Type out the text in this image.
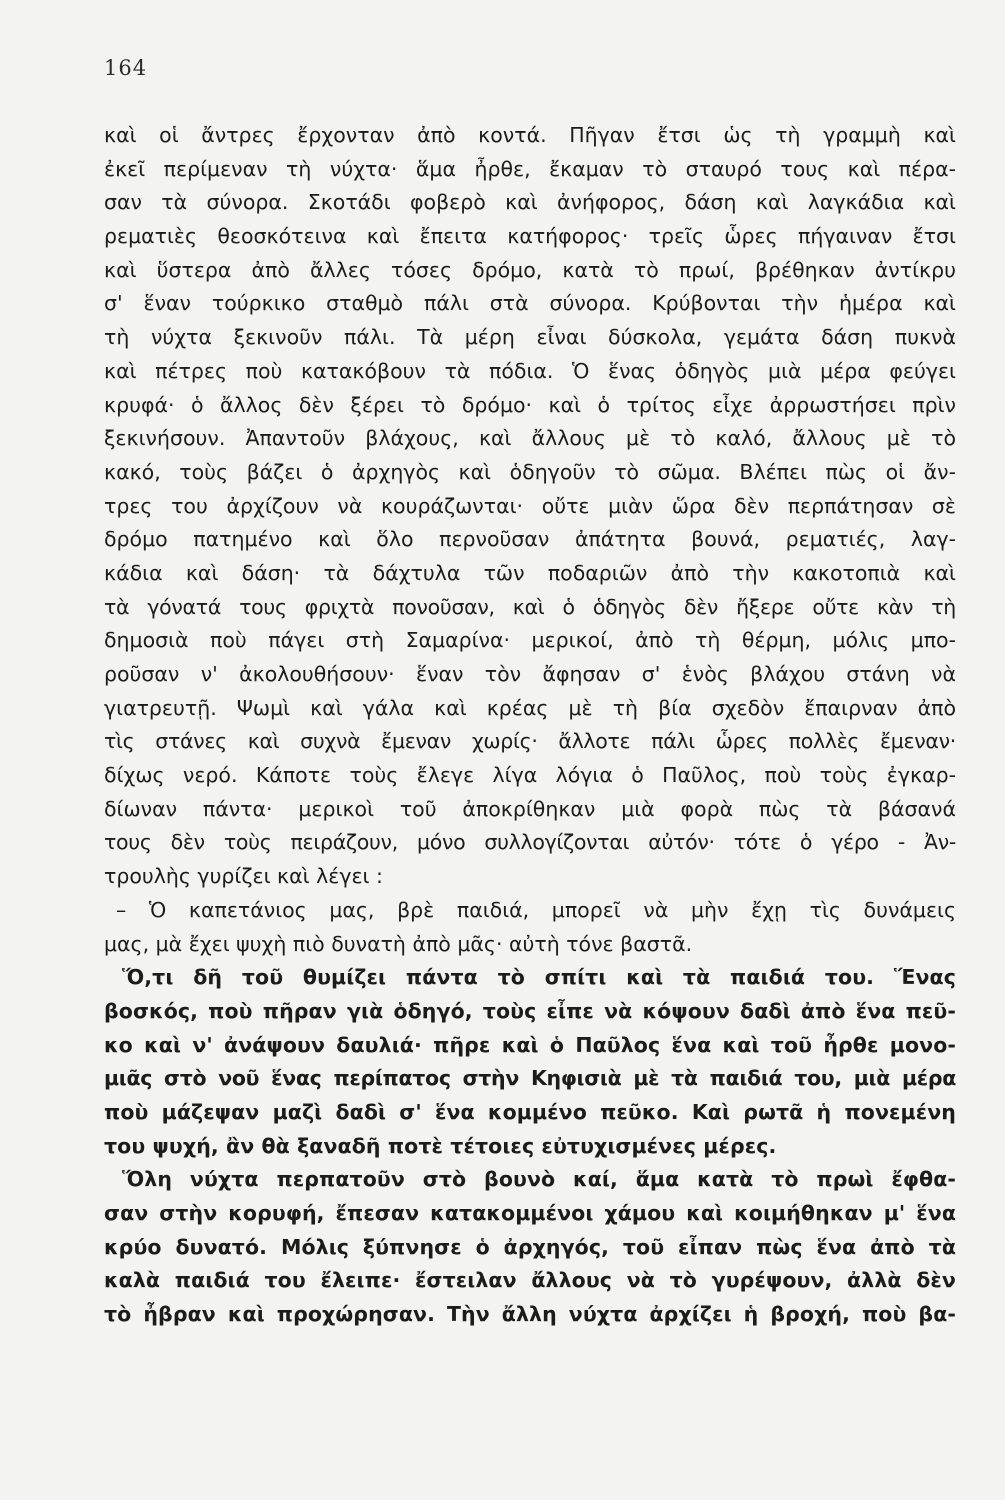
164
καὶ οἱ ἄντρες ἔρχονταν ἀπὸ κοντά. Πῆγαν ἔτσι ὡς τὴ γραμμὴ καὶ
ἐκεῖ περίμεναν τὴ νύχτα· ἅμα ἦρθε, ἔκαμαν τὸ σταυρό τους καὶ πέρα-
σαν τὰ σύνορα. Σκοτάδι φοβερὸ καὶ ἀνήφορος, δάση καὶ λαγκάδια καὶ
ρεματιὲς θεοσκότεινα καὶ ἔπειτα κατήφορος· τρεῖς ὧρες πήγαιναν ἔτσι
καὶ ὕστερα ἀπὸ ἄλλες τόσες δρόμο, κατὰ τὸ πρωί, βρέθηκαν ἀντίκρυ
σ' ἕναν τούρκικο σταθμὸ πάλι στὰ σύνορα. Κρύβονται τὴν ἡμέρα καὶ
τὴ νύχτα ξεκινοῦν πάλι. Τὰ μέρη εἶναι δύσκολα, γεμάτα δάση πυκνὰ
καὶ πέτρες ποὺ κατακόβουν τὰ πόδια. Ὁ ἕνας ὁδηγὸς μιὰ μέρα φεύγει
κρυφά· ὁ ἄλλος δὲν ξέρει τὸ δρόμο· καὶ ὁ τρίτος εἶχε ἀρρωστήσει πρὶν
ξεκινήσουν. Ἀπαντοῦν βλάχους, καὶ ἄλλους μὲ τὸ καλό, ἄλλους μὲ τὸ
κακό, τοὺς βάζει ὁ ἀρχηγὸς καὶ ὁδηγοῦν τὸ σῶμα. Βλέπει πὼς οἱ ἄν-
τρες του ἀρχίζουν νὰ κουράζωνται· οὔτε μιὰν ὥρα δὲν περπάτησαν σὲ
δρόμο πατημένο καὶ ὅλο περνοῦσαν ἀπάτητα βουνά, ρεματιές, λαγ-
κάδια καὶ δάση· τὰ δάχτυλα τῶν ποδαριῶν ἀπὸ τὴν κακοτοπιὰ καὶ
τὰ γόνατά τους φριχτὰ πονοῦσαν, καὶ ὁ ὁδηγὸς δὲν ἤξερε οὔτε κὰν τὴ
δημοσιὰ ποὺ πάγει στὴ Σαμαρίνα· μερικοί, ἀπὸ τὴ θέρμη, μόλις μπο-
ροῦσαν ν' ἀκολουθήσουν· ἕναν τὸν ἄφησαν σ' ἑνὸς βλάχου στάνη νὰ
γιατρευτῇ. Ψωμὶ καὶ γάλα καὶ κρέας μὲ τὴ βία σχεδὸν ἔπαιρναν ἀπὸ
τὶς στάνες καὶ συχνὰ ἔμεναν χωρίς· ἄλλοτε πάλι ὧρες πολλὲς ἔμεναν·
δίχως νερό. Κάποτε τοὺς ἔλεγε λίγα λόγια ὁ Παῦλος, ποὺ τοὺς ἐγκαρ-
δίωναν πάντα· μερικοὶ τοῦ ἀποκρίθηκαν μιὰ φορὰ πὼς τὰ βάσανά
τους δὲν τοὺς πειράζουν, μόνο συλλογίζονται αὐτόν· τότε ὁ γέρο - Ἀν-
τρουλὴς γυρίζει καὶ λέγει :
– Ὁ καπετάνιος μας, βρὲ παιδιά, μπορεῖ νὰ μὴν ἔχῃ τὶς δυνάμεις
μας, μὰ ἔχει ψυχὴ πιὸ δυνατὴ ἀπὸ μᾶς· αὐτὴ τόνε βαστᾶ.
Ὅ,τι δῆ τοῦ θυμίζει πάντα τὸ σπίτι καὶ τὰ παιδιά του. Ἕνας
βοσκός, ποὺ πῆραν γιὰ ὁδηγό, τοὺς εἶπε νὰ κόψουν δαδὶ ἀπὸ ἕνα πεῦ-
κο καὶ ν' ἀνάψουν δαυλιά· πῆρε καὶ ὁ Παῦλος ἕνα καὶ τοῦ ἦρθε μονο-
μιᾶς στὸ νοῦ ἕνας περίπατος στὴν Κηφισιὰ μὲ τὰ παιδιά του, μιὰ μέρα
ποὺ μάζεψαν μαζὶ δαδὶ σ' ἕνα κομμένο πεῦκο. Καὶ ρωτᾶ ἡ πονεμένη
του ψυχή, ἂν θὰ ξαναδῆ ποτὲ τέτοιες εὐτυχισμένες μέρες.
Ὅλη νύχτα περπατοῦν στὸ βουνὸ καί, ἅμα κατὰ τὸ πρωὶ ἔφθα-
σαν στὴν κορυφή, ἔπεσαν κατακομμένοι χάμου καὶ κοιμήθηκαν μ' ἕνα
κρύο δυνατό. Μόλις ξύπνησε ὁ ἀρχηγός, τοῦ εἶπαν πὼς ἕνα ἀπὸ τὰ
καλὰ παιδιά του ἔλειπε· ἔστειλαν ἄλλους νὰ τὸ γυρέψουν, ἀλλὰ δὲν
τὸ ἦβραν καὶ προχώρησαν. Τὴν ἄλλη νύχτα ἀρχίζει ἡ βροχή, ποὺ βα-
